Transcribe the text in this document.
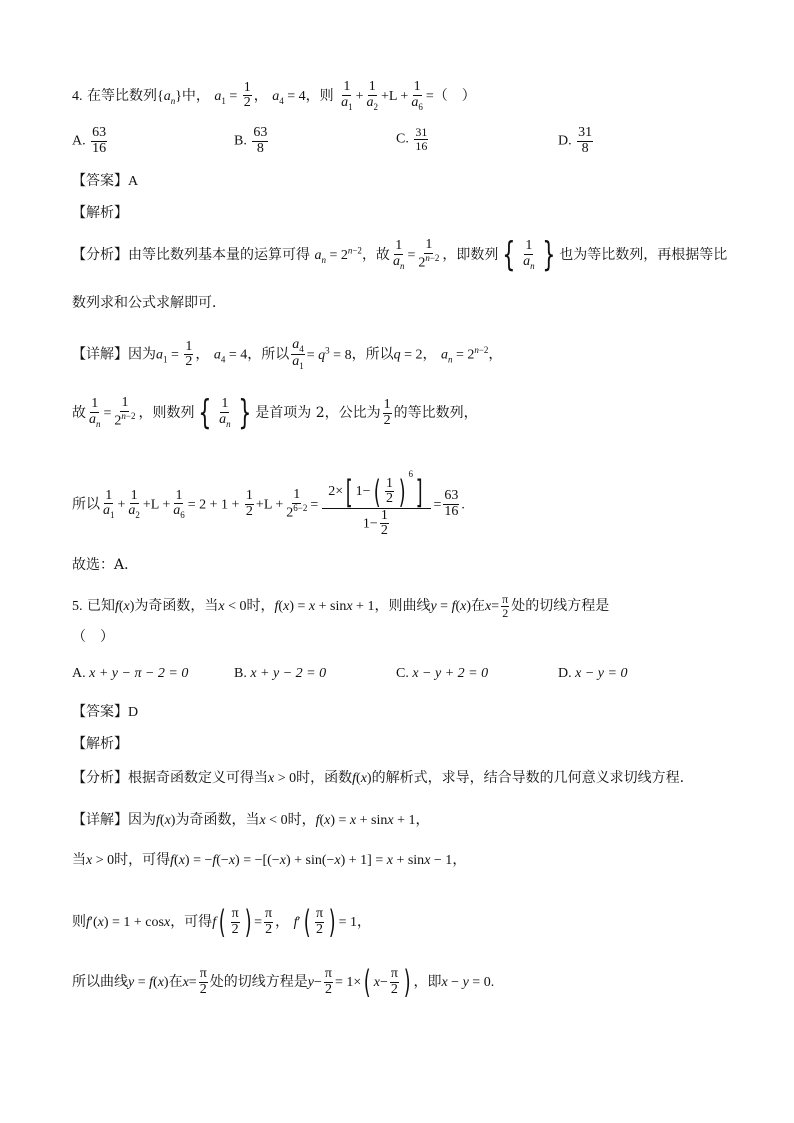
4. 在等比数列$\{a_n\}$中， $a_1 = \frac{1}{2}$ ， $a_4 = 4$，则 $\frac{1}{a_1} + \frac{1}{a_2} +L + \frac{1}{a_6}$ =（　）
A. $\frac{63}{16}$	B. $\frac{63}{8}$	C. $\frac{31}{16}$	D. $\frac{31}{8}$
【答案】A
【解析】
【分析】由等比数列基本量的运算可得 $a_n = 2^{n-2}$，故 $\frac{1}{a_n} = \frac{1}{2^{n-2}}$ ，即数列 { $\frac{1}{a_n}$ } 也为等比数列，再根据等比
数列求和公式求解即可．
【详解】因为$a_1 = \frac{1}{2}$ ， $a_4 = 4$，所以 $\frac{a_4}{a_1} = q^3 = 8$，所以q = 2， $a_n = 2^{n-2}$，
故 $\frac{1}{a_n} = \frac{1}{2^{n-2}}$ ，则数列 { $\frac{1}{a_n}$ } 是首项为 2，公比为 $\frac{1}{2}$ 的等比数列，
所以 $\frac{1}{a_1} + \frac{1}{a_2} +L + \frac{1}{a_6} = 2 + 1 + \frac{1}{2} +L + \frac{1}{2^{6-2}} = \frac{2\times[ 1-( \frac{1}{2} ) ^6]}{1- \frac{1}{2}} = \frac{63}{16}$ .
故选：A．
5. 已知f(x)为奇函数，当x < 0时，f(x) = x + sinx + 1，则曲线y = f(x)在$x= \frac{\pi}{2}$ 处的切线方程是
（　）
A. x + y − π − 2 = 0	B. x + y − 2 = 0	C. x − y + 2 = 0	D. x − y = 0
【答案】D
【解析】
【分析】根据奇函数定义可得当x > 0时，函数f(x)的解析式，求导，结合导数的几何意义求切线方程.
【详解】因为f(x)为奇函数，当x < 0时，f(x) = x + sinx + 1，
当x > 0时，可得f(x) = −f(−x) = −[(−x) + sin(−x) + 1] = x + sinx − 1，
则f′(x) = 1 + cosx，可得$f( \frac{\pi}{2}$ ) = $\frac{\pi}{2}$ ， $f'( \frac{\pi}{2}$ ) = 1，
所以曲线y = f(x)在$x= \frac{\pi}{2}$ 处的切线方程是$y- \frac{\pi}{2} = 1\times$( $x- \frac{\pi}{2}$ ) ，即x − y = 0.
